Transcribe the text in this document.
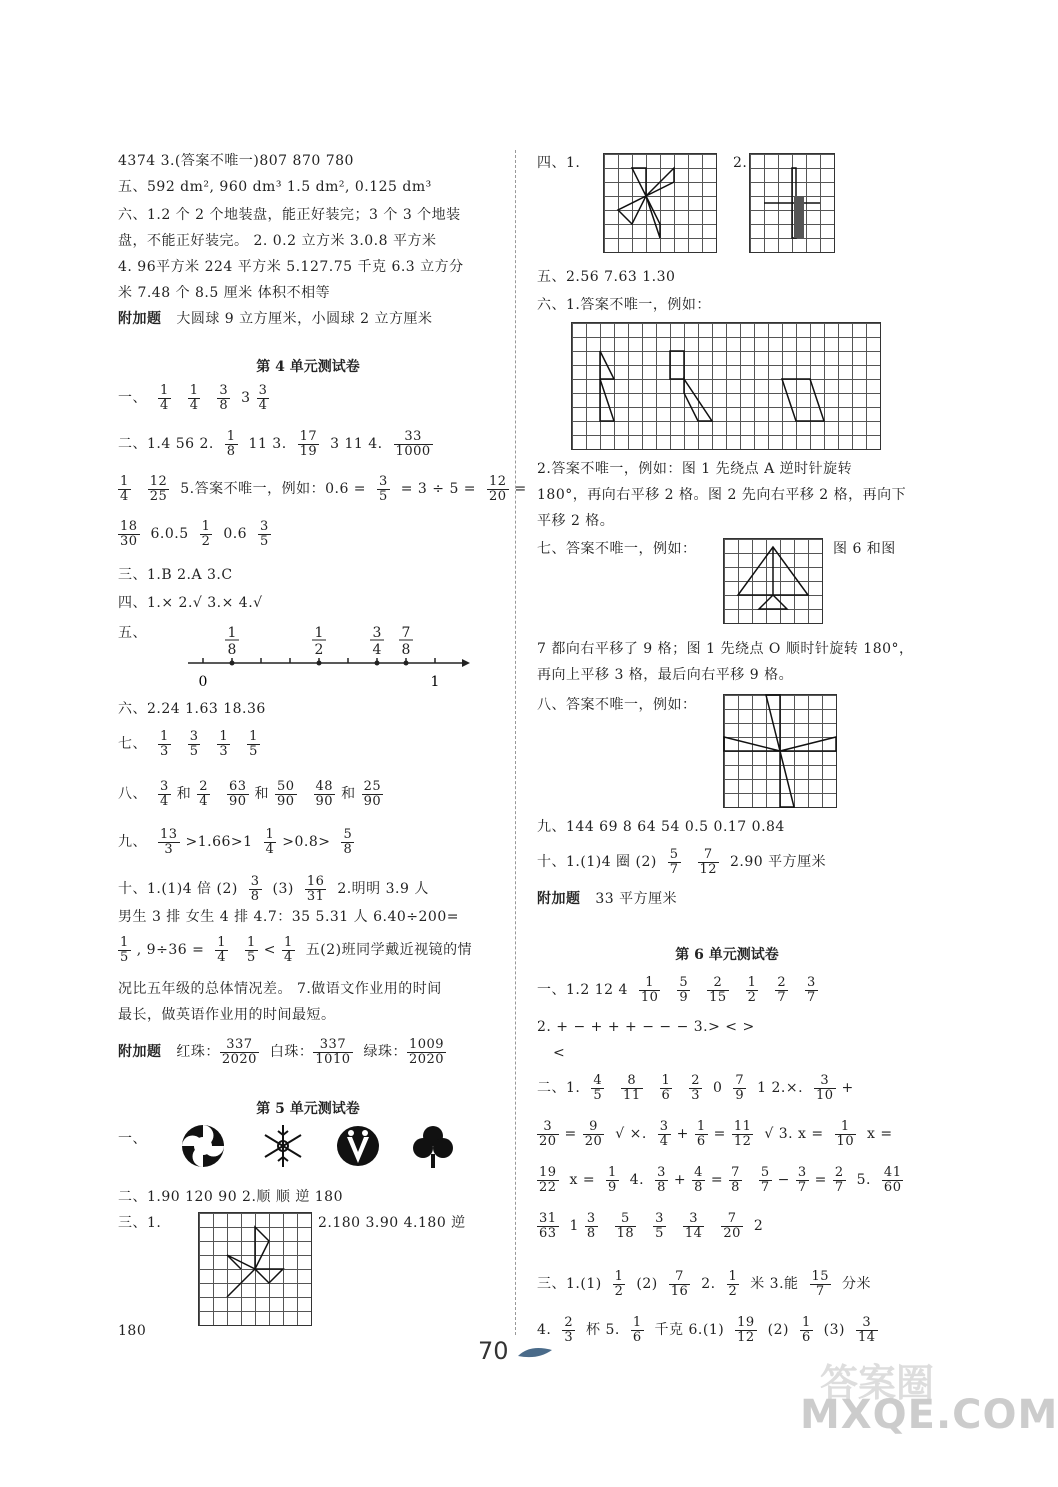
4374 3.(答案不唯一)807 870 780
五、592 dm², 960 dm³ 1.5 dm², 0.125 dm³
六、1.2 个 2 个地装盘，能正好装完；3 个 3 个地装
盘，不能正好装完。 2. 0.2 立方米 3.0.8 平方米
4. 96平方米 224 平方米 5.127.75 千克 6.3 立方分
米 7.48 个 8.5 厘米 体积不相等
附加题 大圆球 9 立方厘米，小圆球 2 立方厘米
第 4 单元测试卷
一、 $\frac{1}{4}$
$\frac{1}{4}$
$\frac{3}{8} 3 \frac{3}{4}$
二、1.4 56 2. $\frac{1}{8} 11$ 3. $\frac{17}{19} 3$ 11 4. $\frac{33}{1000}$
$\frac{1}{4}$
$\frac{12}{25} 5$.答案不唯一，例如：$0.6 = \frac{3}{5} = 3 \div 5 = \frac{12}{20}$ =
$\frac{18}{30} 6.0.5 \frac{1}{2} 0.6 \frac{3}{5}$
三、1.B 2.A 3.C
四、1.× 2.√ 3.× 4.√
五、	1
8
1
2
3
4
7
8
0	1
六、2.24 1.63 18.36
七、 $\frac{1}{3}$
$\frac{3}{5}$
$\frac{1}{3}$
$\frac{1}{5}$
八、 $\frac{3}{4}$ 和 $\frac{2}{4}$
$\frac{63}{90}$ 和 $\frac{50}{90}$
$\frac{48}{90}$ 和 $\frac{25}{90}$
九、 $\frac{13}{3} >1.66>1 \frac{1}{4} >0.8> \frac{5}{8}$
十、1.(1)4 倍 $(2) \frac{3}{8} (3) \frac{16}{31} 2$.明明 3.9 人
男生 3 排 女生 4 排 4.7：35 5.31 人 6.40÷200=
$\frac{1}{5}$ , $9\div 36 = \frac{1}{4}$
$\frac{1}{5} < \frac{1}{4}$ 五(2)班同学戴近视镜的情
况比五年级的总体情况差。 7.做语文作业用的时间
最长，做英语作业用的时间最短。
附加题 红珠： $\frac{337}{2020}$ 白珠： $\frac{337}{1010}$ 绿珠： $\frac{1009}{2020}$
第 5 单元测试卷
一、
二、1.90 120 90 2.顺 顺 逆 180
三、1.	2.180 3.90 4.180 逆
180
四、1.	2.
五、2.56 7.63 1.30
六、1.答案不唯一，例如：
2.答案不唯一，例如：图 1 先绕点 A 逆时针旋转
180°，再向右平移 2 格。图 2 先向右平移 2 格，再向下
平移 2 格。
七、答案不唯一，例如：	图 6 和图
7 都向右平移了 9 格；图 1 先绕点 O 顺时针旋转 180°，
再向上平移 3 格，最后向右平移 9 格。
八、答案不唯一，例如：
九、144 69 8 64 54 0.5 0.17 0.84
十、1.(1)4 圈 $(2) \frac{5}{7}$
$\frac{7}{12} 2.90$ 平方厘米
附加题 33 平方厘米
第 6 单元测试卷
一、1.2 12 $4 \frac{1}{10}$
$\frac{5}{9}$
$\frac{2}{15}$
$\frac{1}{2}$
$\frac{2}{7}$
$\frac{3}{7}$
2. + − + + + − − − 3.> < >
<
二、1. $\frac{4}{5}$
$\frac{8}{11}$
$\frac{1}{6}$
$\frac{2}{3} 0 \frac{7}{9} 1$ 2.×. $\frac{3}{10}$ +
$\frac{3}{20} = \frac{9}{20}$ √ ×. $\frac{3}{4} + \frac{1}{6} = \frac{11}{12}$ √ 3. $x = \frac{1}{10}$ x =
$\frac{19}{22}$ $x = \frac{1}{9} 4$. $\frac{3}{8} + \frac{4}{8} = \frac{7}{8}$
$\frac{5}{7} - \frac{3}{7} = \frac{2}{7} 5$. $\frac{41}{60}$
$\frac{31}{63} 1 \frac{3}{8}$
$\frac{5}{18}$
$\frac{3}{5}$
$\frac{3}{14}$
$\frac{7}{20} 2$
三、$1.(1) \frac{1}{2} (2) \frac{7}{16} 2$. $\frac{1}{2}$ 米 3.能 $\frac{15}{7}$ 分米
4. $\frac{2}{3}$ 杯 5. $\frac{1}{6}$ 千克 $6.(1) \frac{19}{12} (2) \frac{1}{6} (3) \frac{3}{14}$
70
答案圈
MXQE.COM
